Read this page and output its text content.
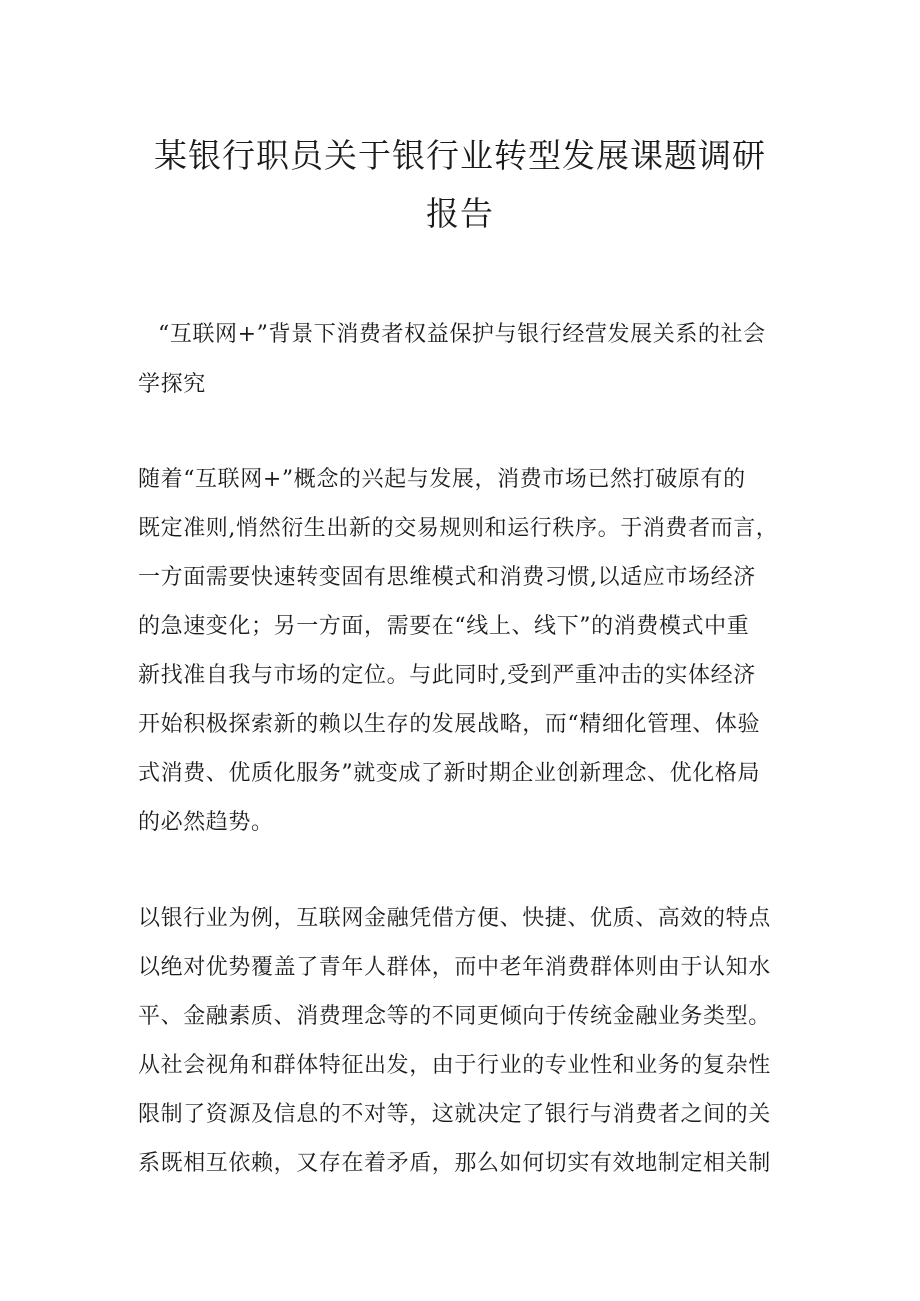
某银行职员关于银行业转型发展课题调研
报告

“互联网+”背景下消费者权益保护与银行经营发展关系的社会

学探究

随着“互联网+”概念的兴起与发展，消费市场已然打破原有的

既定准则,悄然衍生出新的交易规则和运行秩序。于消费者而言，

一方面需要快速转变固有思维模式和消费习惯,以适应市场经济

的急速变化；另一方面，需要在“线上、线下”的消费模式中重

新找准自我与市场的定位。与此同时,受到严重冲击的实体经济

开始积极探索新的赖以生存的发展战略，而“精细化管理、体验

式消费、优质化服务”就变成了新时期企业创新理念、优化格局

的必然趋势。

以银行业为例，互联网金融凭借方便、快捷、优质、高效的特点

以绝对优势覆盖了青年人群体，而中老年消费群体则由于认知水

平、金融素质、消费理念等的不同更倾向于传统金融业务类型。

从社会视角和群体特征出发，由于行业的专业性和业务的复杂性

限制了资源及信息的不对等，这就决定了银行与消费者之间的关

系既相互依赖，又存在着矛盾，那么如何切实有效地制定相关制
